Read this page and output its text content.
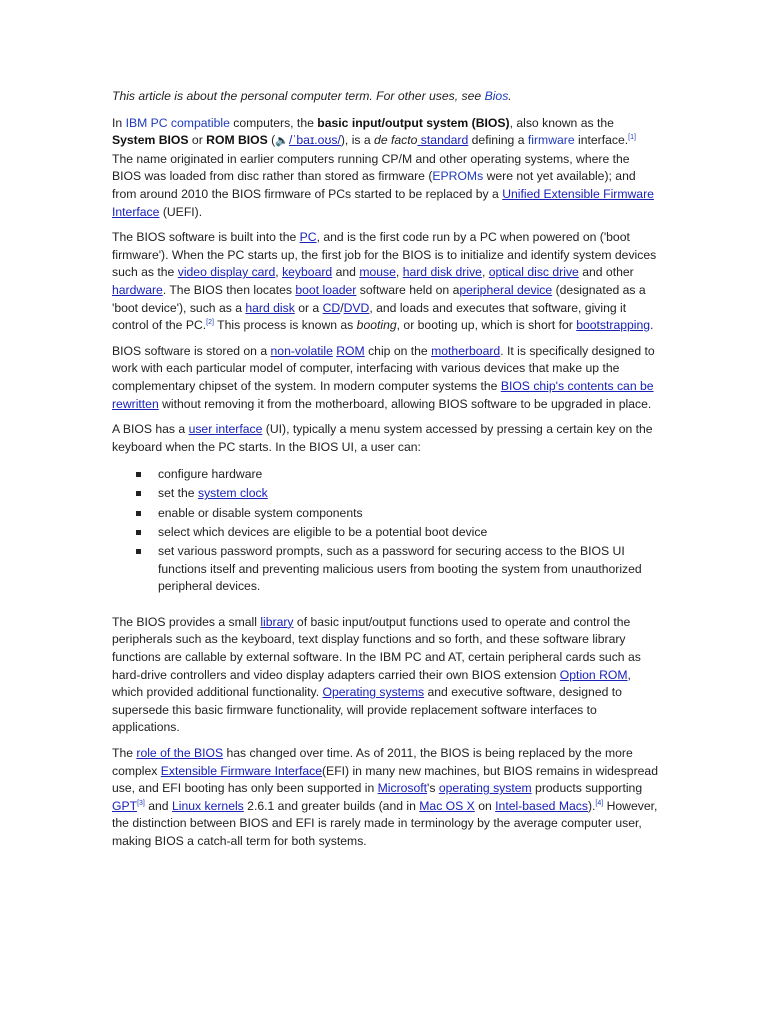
This article is about the personal computer term. For other uses, see Bios.

In IBM PC compatible computers, the basic input/output system (BIOS), also known as the System BIOS or ROM BIOS (🔈/ˈbaɪ.oʊs/), is a de facto standard defining a firmware interface.[1] The name originated in earlier computers running CP/M and other operating systems, where the BIOS was loaded from disc rather than stored as firmware (EPROMs were not yet available); and from around 2010 the BIOS firmware of PCs started to be replaced by a Unified Extensible Firmware Interface (UEFI).

The BIOS software is built into the PC, and is the first code run by a PC when powered on ('boot firmware'). When the PC starts up, the first job for the BIOS is to initialize and identify system devices such as the video display card, keyboard and mouse, hard disk drive, optical disc drive and other hardware. The BIOS then locates boot loader software held on aperipheral device (designated as a 'boot device'), such as a hard disk or a CD/DVD, and loads and executes that software, giving it control of the PC.[2] This process is known as booting, or booting up, which is short for bootstrapping.

BIOS software is stored on a non-volatile ROM chip on the motherboard. It is specifically designed to work with each particular model of computer, interfacing with various devices that make up the complementary chipset of the system. In modern computer systems the BIOS chip's contents can be rewritten without removing it from the motherboard, allowing BIOS software to be upgraded in place.

A BIOS has a user interface (UI), typically a menu system accessed by pressing a certain key on the keyboard when the PC starts. In the BIOS UI, a user can:

configure hardware
set the system clock
enable or disable system components
select which devices are eligible to be a potential boot device
set various password prompts, such as a password for securing access to the BIOS UI functions itself and preventing malicious users from booting the system from unauthorized peripheral devices.

The BIOS provides a small library of basic input/output functions used to operate and control the peripherals such as the keyboard, text display functions and so forth, and these software library functions are callable by external software. In the IBM PC and AT, certain peripheral cards such as hard-drive controllers and video display adapters carried their own BIOS extension Option ROM, which provided additional functionality. Operating systems and executive software, designed to supersede this basic firmware functionality, will provide replacement software interfaces to applications.

The role of the BIOS has changed over time. As of 2011, the BIOS is being replaced by the more complex Extensible Firmware Interface(EFI) in many new machines, but BIOS remains in widespread use, and EFI booting has only been supported in Microsoft's operating system products supporting GPT[3] and Linux kernels 2.6.1 and greater builds (and in Mac OS X on Intel-based Macs).[4] However, the distinction between BIOS and EFI is rarely made in terminology by the average computer user, making BIOS a catch-all term for both systems.
